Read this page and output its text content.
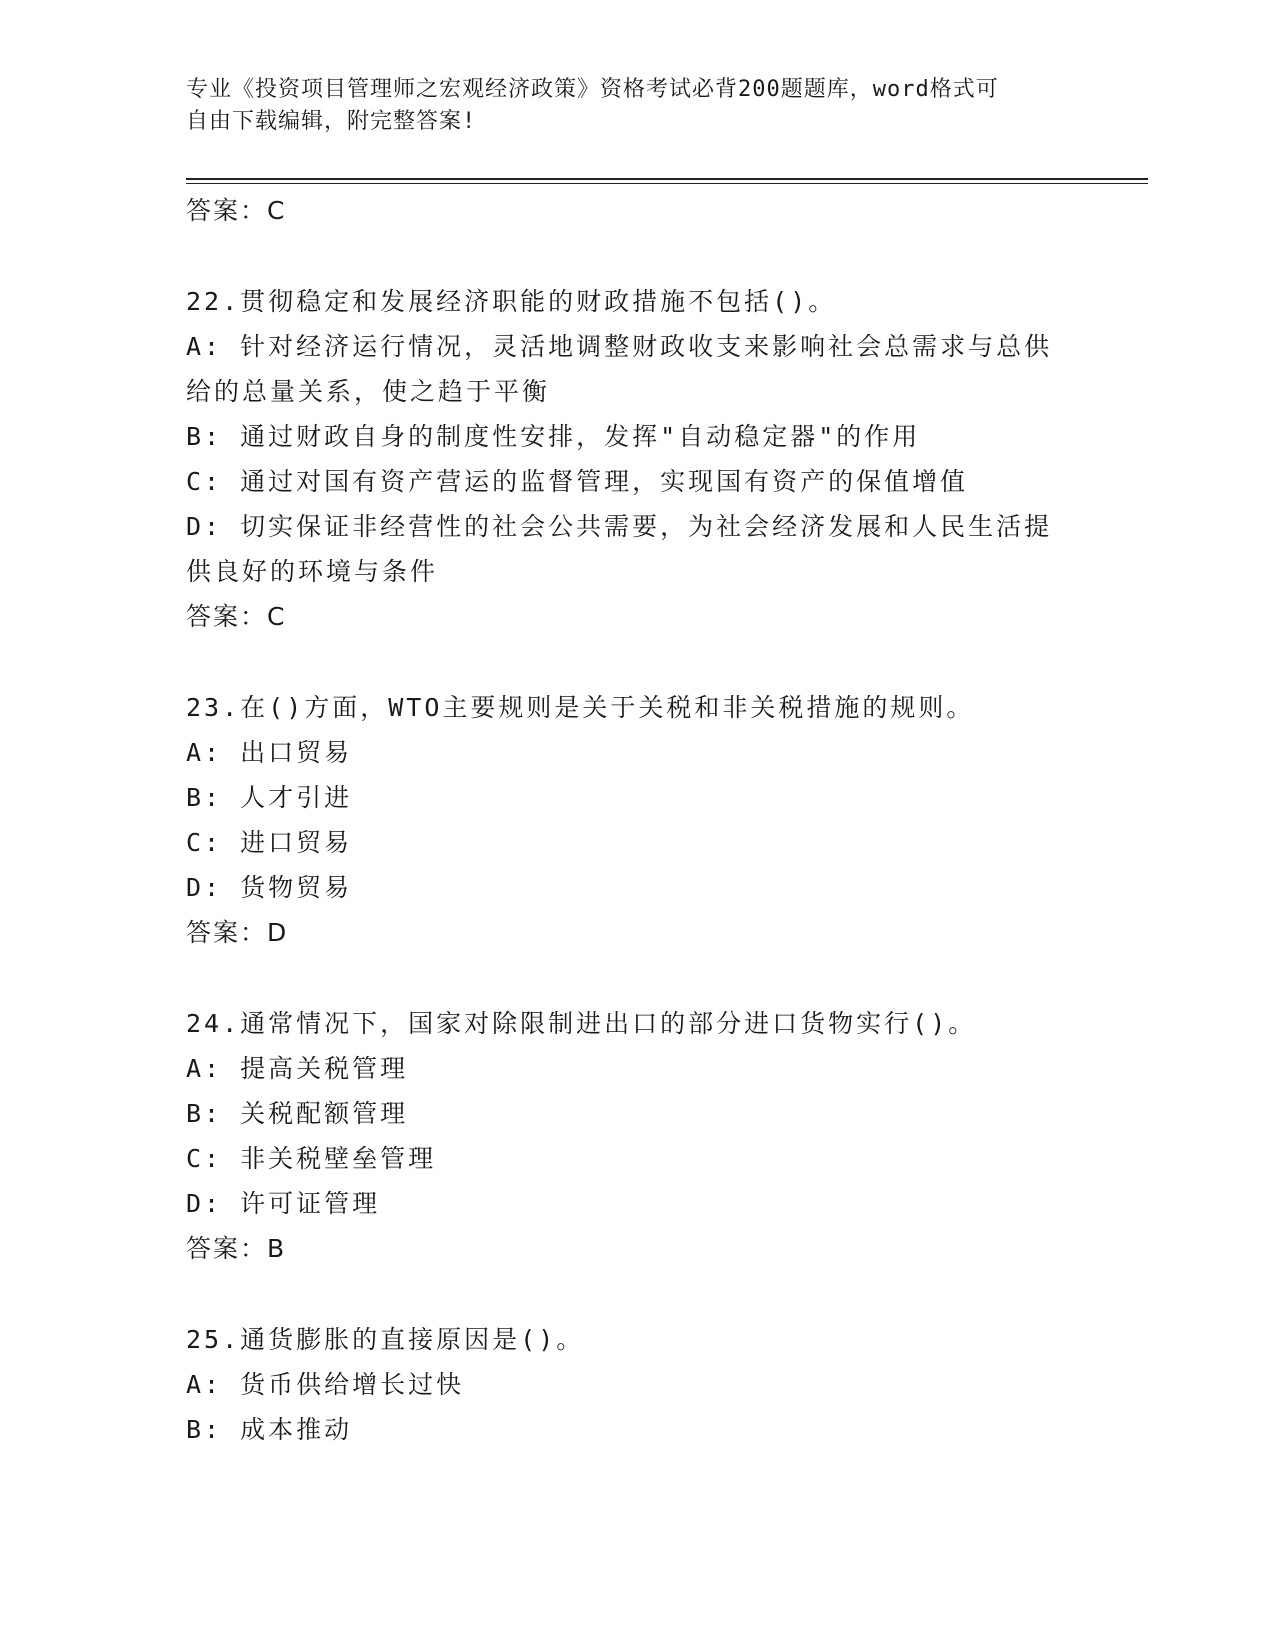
专业《投资项目管理师之宏观经济政策》资格考试必背200题题库，word格式可
自由下载编辑，附完整答案!

答案：C

22.贯彻稳定和发展经济职能的财政措施不包括()。

A: 针对经济运行情况，灵活地调整财政收支来影响社会总需求与总供

给的总量关系，使之趋于平衡

B: 通过财政自身的制度性安排，发挥"自动稳定器"的作用

C: 通过对国有资产营运的监督管理，实现国有资产的保值增值

D: 切实保证非经营性的社会公共需要，为社会经济发展和人民生活提

供良好的环境与条件

答案：C

23.在()方面，WTO主要规则是关于关税和非关税措施的规则。

A: 出口贸易

B: 人才引进

C: 进口贸易

D: 货物贸易

答案：D

24.通常情况下，国家对除限制进出口的部分进口货物实行()。

A: 提高关税管理

B: 关税配额管理

C: 非关税壁垒管理

D: 许可证管理

答案：B

25.通货膨胀的直接原因是()。

A: 货币供给增长过快

B: 成本推动
